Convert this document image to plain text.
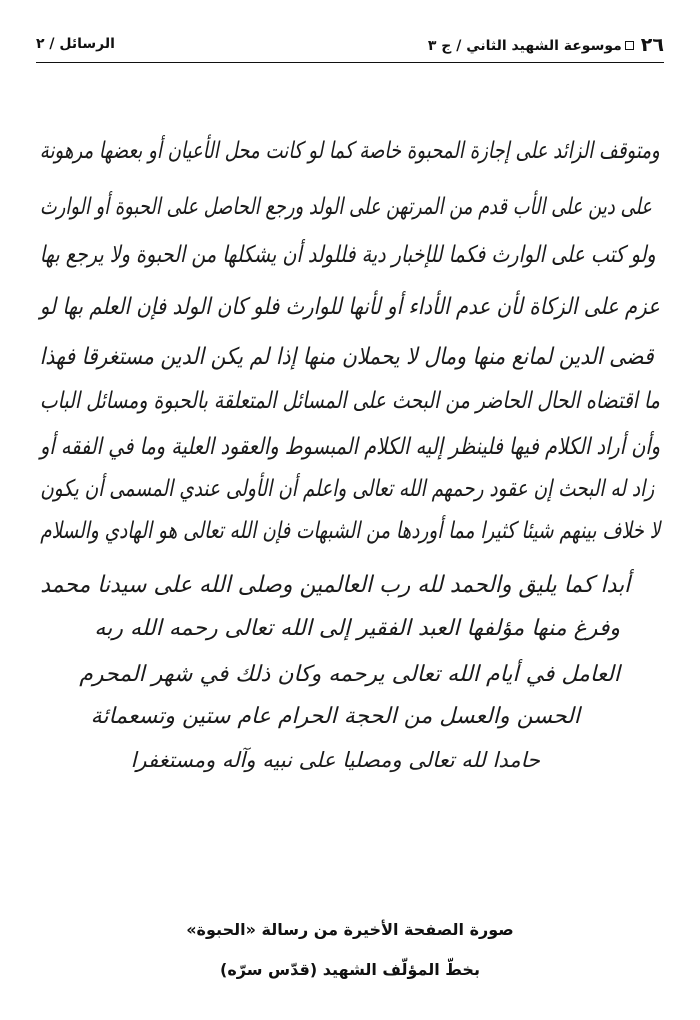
٢٦موسوعة الشهيد الثاني / ج ٣
الرسائل / ٢
ومتوقف الزائد على إجازة المحبوة خاصة كما لو كانت محل الأعيان أو بعضها مرهونة
على دين على الأب قدم من المرتهن على الولد ورجع الحاصل على الحبوة أو الوارث
ولو كتب على الوارث فكما للإخبار دية فللولد أن يشكلها من الحبوة ولا يرجع بها
عزم على الزكاة لأن عدم الأداء أو لأنها للوارث فلو كان الولد فإن العلم بها لو
قضى الدين لمانع منها ومال لا يحملان منها إذا لم يكن الدين مستغرقا فهذا
ما اقتضاه الحال الحاضر من البحث على المسائل المتعلقة بالحبوة ومسائل الباب
وأن أراد الكلام فيها فلينظر إليه الكلام المبسوط والعقود العلية وما في الفقه أو
زاد له البحث إن عقود رحمهم الله تعالى واعلم أن الأولى عندي المسمى أن يكون
لا خلاف بينهم شيئا كثيرا مما أوردها من الشبهات فإن الله تعالى هو الهادي والسلام
أبدا كما يليق والحمد لله رب العالمين وصلى الله على سيدنا محمد
وفرغ منها مؤلفها العبد الفقير إلى الله تعالى رحمه الله ربه
العامل في أيام الله تعالى يرحمه وكان ذلك في شهر المحرم
الحسن والعسل من الحجة الحرام عام ستين وتسعمائة
حامدا لله تعالى ومصليا على نبيه وآله ومستغفرا
صورة الصفحة الأخيرة من رسالة «الحبوة»
بخطّ المؤلّف الشهيد (قدّس سرّه)
